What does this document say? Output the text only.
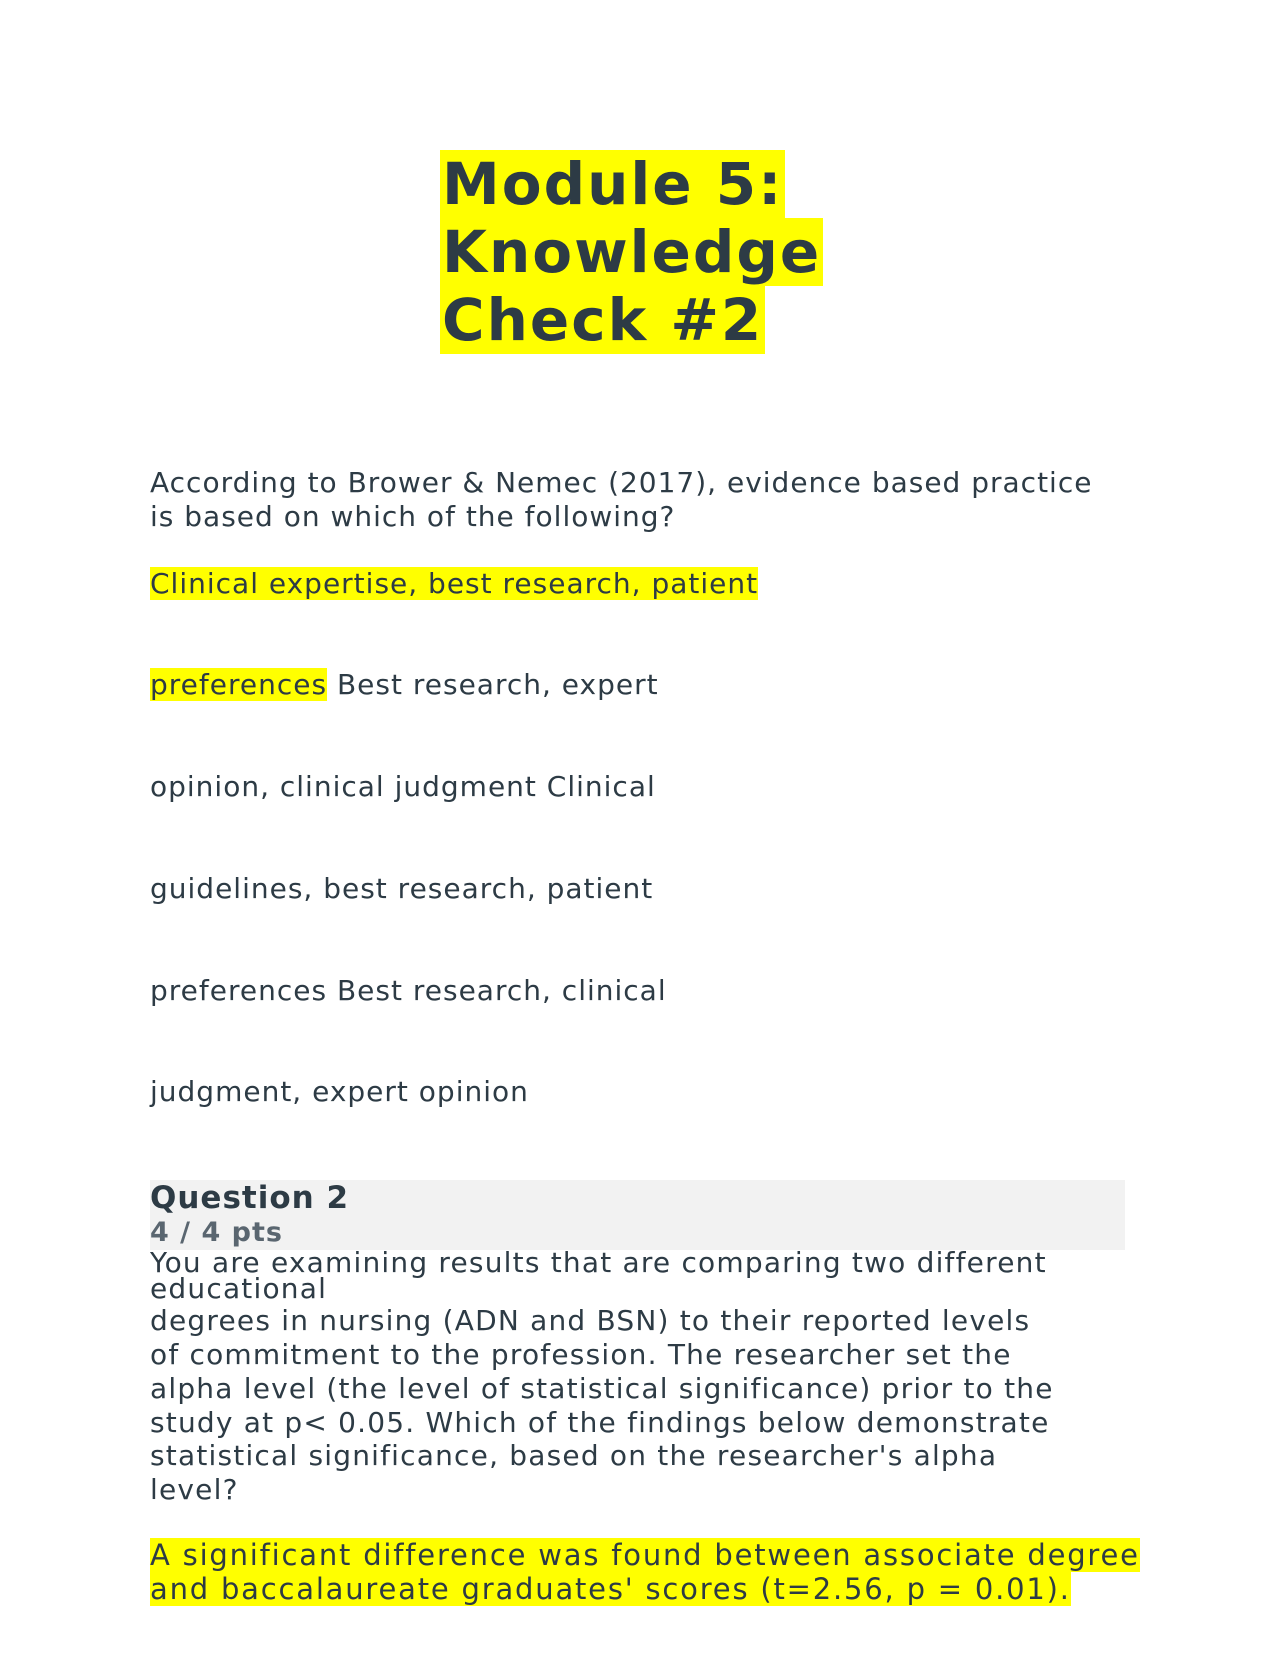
Module 5:
Knowledge
Check #2

According to Brower & Nemec (2017), evidence based practice is based on which of the following?

Clinical expertise, best research, patient

preferences Best research, expert

opinion, clinical judgment Clinical

guidelines, best research, patient

preferences Best research, clinical

judgment, expert opinion

Question 2
4 / 4 pts

You are examining results that are comparing two different

educational

degrees in nursing (ADN and BSN) to their reported levels

of commitment to the profession. The researcher set the

alpha level (the level of statistical significance) prior to the

study at p< 0.05. Which of the findings below demonstrate

statistical significance, based on the researcher's alpha

level?

A significant difference was found between associate degree

and baccalaureate graduates' scores (t=2.56, p = 0.01).
